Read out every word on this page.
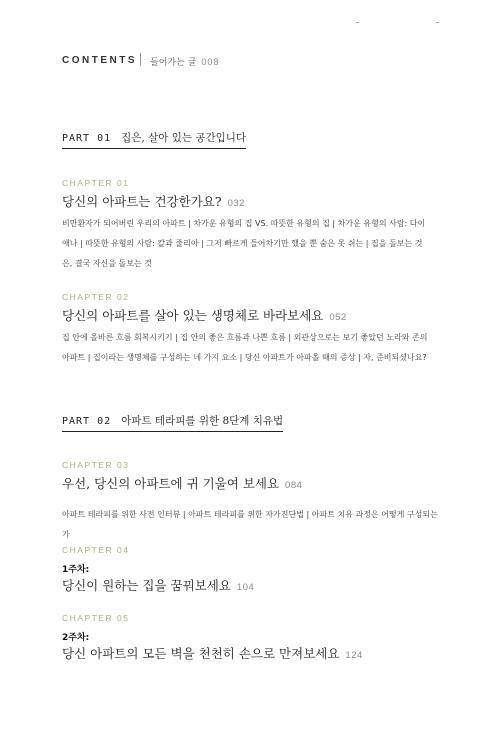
CONTENTS 들어가는 글 008
PART 01 집은, 살아 있는 공간입니다
CHAPTER 01
당신의 아파트는 건강한가요? 032
비만환자가 되어버린 우리의 아파트 | 차가운 유형의 집 VS. 따뜻한 유형의 집 | 차가운 유형의 사람: 다이
애나 | 따뜻한 유형의 사람: 칼과 줄리아 | 그저 빠르게 들어차기만 했을 뿐 숨은 못 쉬는 | 집을 돌보는 것
은, 결국 자신을 돌보는 것
CHAPTER 02
당신의 아파트를 살아 있는 생명체로 바라보세요 052
집 안에 올바른 흐름 회복시키기 | 집 안의 좋은 흐름과 나쁜 흐름 | 외관상으로는 보기 좋았던 노라와 존의
아파트 | 집이라는 생명체를 구성하는 네 가지 요소 | 당신 아파트가 아파올 때의 증상 | 자, 준비되셨나요?
PART 02 아파트 테라피를 위한 8단계 치유법
CHAPTER 03
우선, 당신의 아파트에 귀 기울여 보세요 084
아파트 테라피를 위한 사전 인터뷰 | 아파트 테라피를 위한 자가진단법 | 아파트 치유 과정은 어떻게 구성되는가
CHAPTER 04
1주차:
당신이 원하는 집을 꿈꿔보세요 104
CHAPTER 05
2주차:
당신 아파트의 모든 벽을 천천히 손으로 만져보세요 124
